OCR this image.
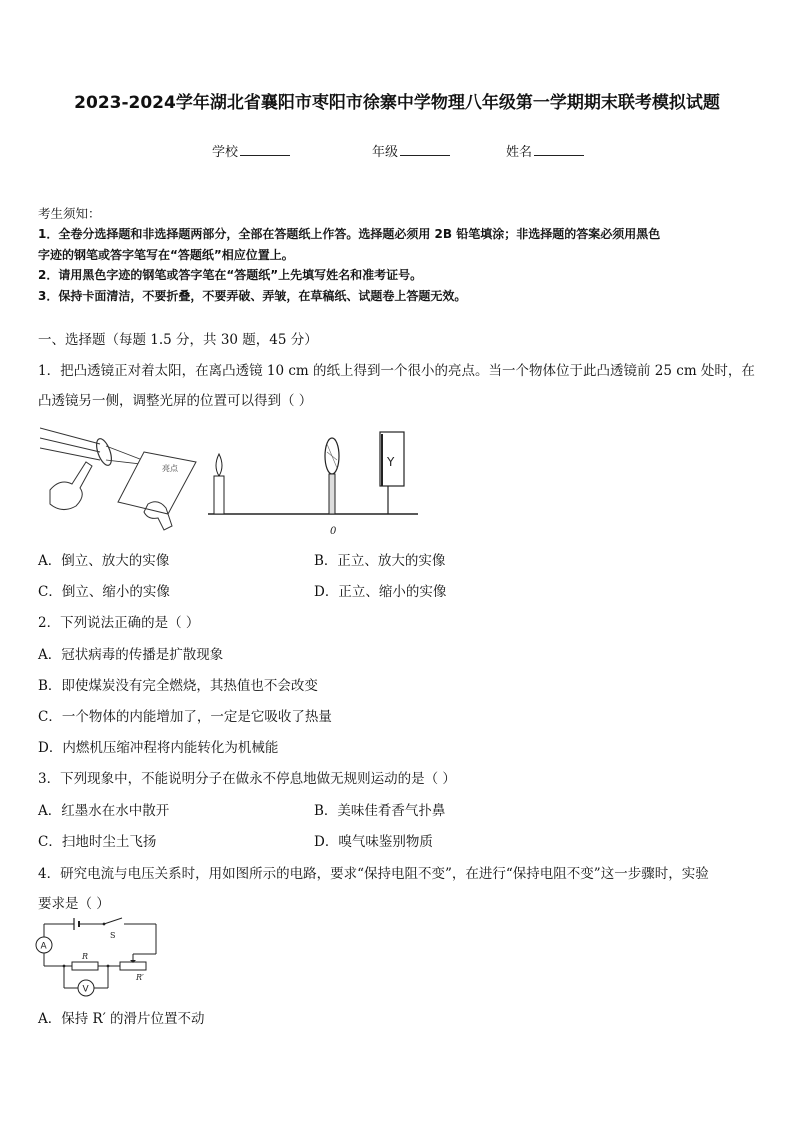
2023-2024学年湖北省襄阳市枣阳市徐寨中学物理八年级第一学期期末联考模拟试题
学校	年级	姓名
考生须知：
1．全卷分选择题和非选择题两部分，全部在答题纸上作答。选择题必须用 2B 铅笔填涂；非选择题的答案必须用黑色
字迹的钢笔或答字笔写在“答题纸”相应位置上。
2．请用黑色字迹的钢笔或答字笔在“答题纸”上先填写姓名和准考证号。
3．保持卡面清洁，不要折叠，不要弄破、弄皱，在草稿纸、试题卷上答题无效。
一、选择题（每题 1.5 分，共 30 题，45 分）
1．把凸透镜正对着太阳，在离凸透镜 10 cm 的纸上得到一个很小的亮点。当一个物体位于此凸透镜前 25 cm 处时，在
凸透镜另一侧，调整光屏的位置可以得到（ ）
亮点	Y
0
A．倒立、放大的实像	B．正立、放大的实像
C．倒立、缩小的实像	D．正立、缩小的实像
2．下列说法正确的是（ ）
A．冠状病毒的传播是扩散现象
B．即使煤炭没有完全燃烧，其热值也不会改变
C．一个物体的内能增加了，一定是它吸收了热量
D．内燃机压缩冲程将内能转化为机械能
3．下列现象中，不能说明分子在做永不停息地做无规则运动的是（ ）
A．红墨水在水中散开	B．美味佳肴香气扑鼻
C．扫地时尘土飞扬	D．嗅气味鉴别物质
4．研究电流与电压关系时，用如图所示的电路，要求“保持电阻不变”，在进行“保持电阻不变”这一步骤时，实验
要求是（ ）
S
A
R
R′
V
A．保持 R′ 的滑片位置不动
